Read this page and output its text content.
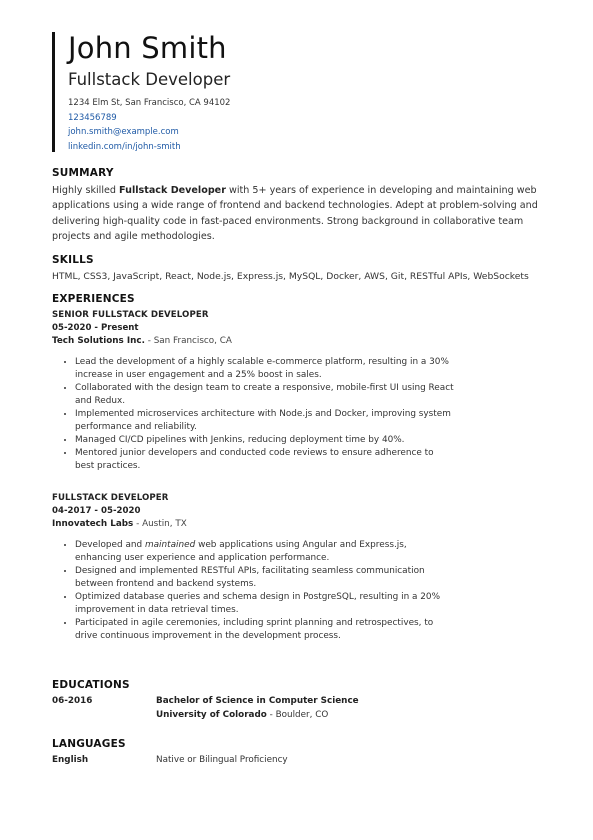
John Smith
Fullstack Developer
1234 Elm St, San Francisco, CA 94102
123456789
john.smith@example.com
linkedin.com/in/john-smith
SUMMARY
Highly skilled Fullstack Developer with 5+ years of experience in developing and maintaining web applications using a wide range of frontend and backend technologies. Adept at problem-solving and delivering high-quality code in fast-paced environments. Strong background in collaborative team projects and agile methodologies.
SKILLS
HTML, CSS3, JavaScript, React, Node.js, Express.js, MySQL, Docker, AWS, Git, RESTful APIs, WebSockets
EXPERIENCES
SENIOR FULLSTACK DEVELOPER
05-2020 - Present
Tech Solutions Inc. - San Francisco, CA
• Lead the development of a highly scalable e-commerce platform, resulting in a 30% increase in user engagement and a 25% boost in sales.
• Collaborated with the design team to create a responsive, mobile-first UI using React and Redux.
• Implemented microservices architecture with Node.js and Docker, improving system performance and reliability.
• Managed CI/CD pipelines with Jenkins, reducing deployment time by 40%.
• Mentored junior developers and conducted code reviews to ensure adherence to best practices.
FULLSTACK DEVELOPER
04-2017 - 05-2020
Innovatech Labs - Austin, TX
• Developed and maintained web applications using Angular and Express.js, enhancing user experience and application performance.
• Designed and implemented RESTful APIs, facilitating seamless communication between frontend and backend systems.
• Optimized database queries and schema design in PostgreSQL, resulting in a 20% improvement in data retrieval times.
• Participated in agile ceremonies, including sprint planning and retrospectives, to drive continuous improvement in the development process.
EDUCATIONS
06-2016	Bachelor of Science in Computer Science
University of Colorado - Boulder, CO
LANGUAGES
English	Native or Bilingual Proficiency
